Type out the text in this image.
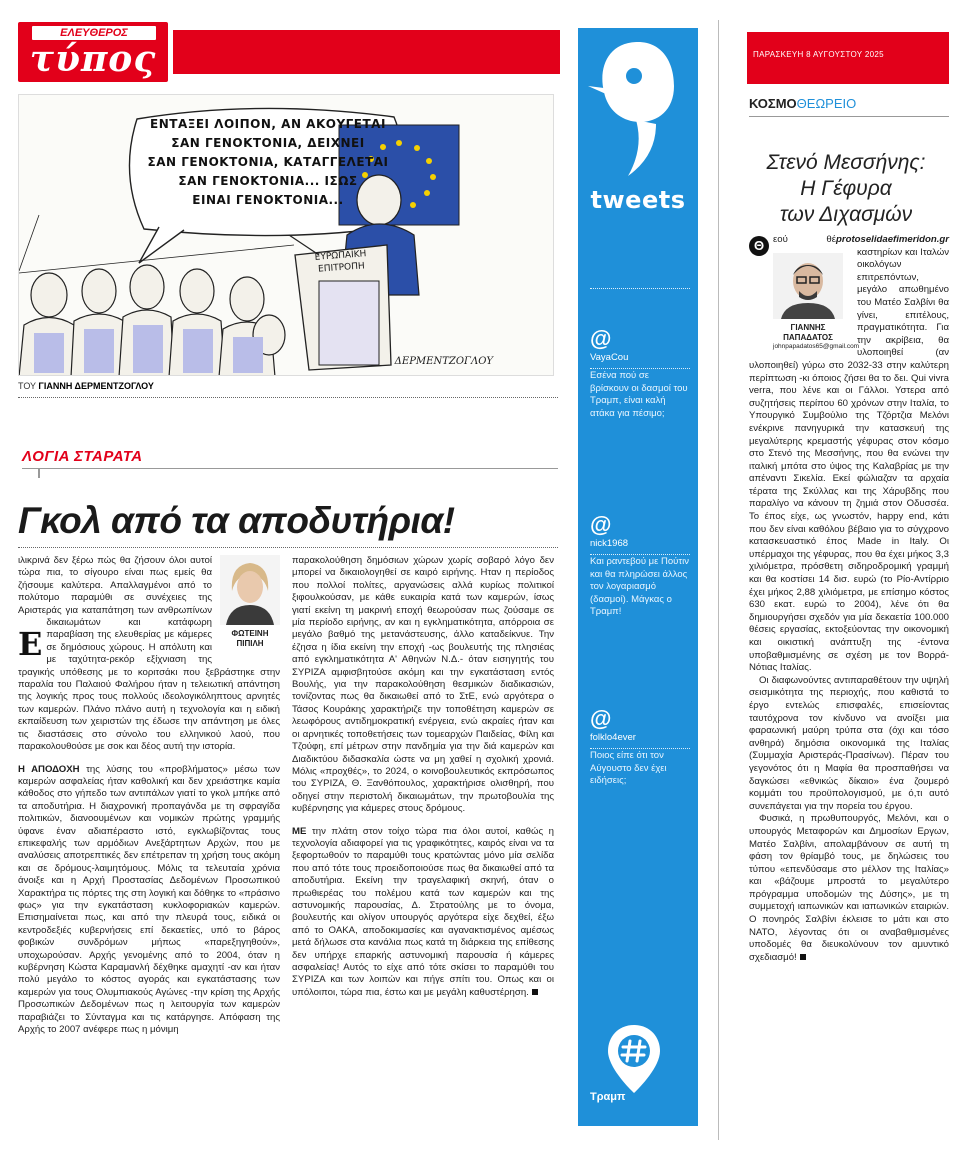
ΕΛΕΥΘΕΡΟΣ
τύπος
ΕΝΤΑΞΕΙ ΛΟΙΠΟΝ, ΑΝ ΑΚΟΥΓΕΤΑΙ
ΣΑΝ ΓΕΝΟΚΤΟΝΙΑ, ΔΕΙΧΝΕΙ
ΣΑΝ ΓΕΝΟΚΤΟΝΙΑ, ΚΑΤΑΓΓΕΛΕΤΑΙ
ΣΑΝ ΓΕΝΟΚΤΟΝΙΑ... ΙΣΩΣ
ΕΙΝΑΙ ΓΕΝΟΚΤΟΝΙΑ...
ΕΥΡΩΠΑΪΚΗ ΕΠΙΤΡΟΠΗ
ΔΕΡΜΕΝΤΖΟΓΛΟΥ
ΤΟΥ ΓΙΑΝΝΗ ΔΕΡΜΕΝΤΖΟΓΛΟΥ
ΛΟΓΙΑ ΣΤΑΡΑΤΑ
Γκολ από τα αποδυτήρια!
ΦΩΤΕΙΝΗ ΠΙΠΙΛΗ

Ε
ιλικρινά δεν ξέρω πώς θα ζήσουν όλοι αυτοί τώρα πια, το σίγουρο είναι πως εμείς θα ζήσουμε καλύτερα. Απαλλαγμένοι από το πολύτομο παραμύθι σε συνέχειες της Αριστεράς για καταπάτηση των ανθρωπίνων δικαιωμάτων και κατάφωρη παραβίαση της ελευθερίας με κάμερες σε δημόσιους χώρους. Η απόλυτη και με ταχύτητα-ρεκόρ εξίχνιαση της τραγικής υπόθεσης με το κοριτσάκι που ξεβράστηκε στην παραλία του Παλαιού Φαλήρου ήταν η τελειωτική απάντηση της λογικής προς τους πολλούς ιδεολογικόληπτους αρνητές των καμερών. Πλάνο πλάνο αυτή η τεχνολογία και η ειδική εκπαίδευση των χειριστών της έδωσε την απάντηση με όλες τις διαστάσεις στο σύνολο του ελληνικού λαού, που παρακολουθούσε με σοκ και δέος αυτή την ιστορία.

Η ΑΠΟΔΟΧΗ της λύσης του «προβλήματος» μέσω των καμερών ασφαλείας ήταν καθολική και δεν χρειάστηκε καμία κάθοδος στο γήπεδο των αντιπάλων γιατί το γκολ μπήκε από τα αποδυτήρια. Η διαχρονική προπαγάνδα με τη σφραγίδα πολιτικών, διανοουμένων και νομικών πρώτης γραμμής ύφανε έναν αδιαπέραστο ιστό, εγκλωβίζοντας τους επικεφαλής των αρμόδιων Ανεξάρτητων Αρχών, που με αναλύσεις αποτρεπτικές δεν επέτρεπαν τη χρήση τους ακόμη και σε δρόμους-λαιμητόμους. Μόλις τα τελευταία χρόνια άνοιξε και η Αρχή Προστασίας Δεδομένων Προσωπικού Χαρακτήρα τις πόρτες της στη λογική και δόθηκε το «πράσινο φως» για την εγκατάσταση κυκλοφοριακών καμερών. Επισημαίνεται πως, και από την πλευρά τους, ειδικά οι κεντροδεξιές κυβερνήσεις επί δεκαετίες, υπό το βάρος φοβικών συνδρόμων μήπως «παρεξηγηθούν», υποχωρούσαν. Αρχής γενομένης από το 2004, όταν η κυβέρνηση Κώστα Καραμανλή δέχθηκε αμαχητί -αν και ήταν πολύ μεγάλο το κόστος αγοράς και εγκατάστασης των καμερών για τους Ολυμπιακούς Αγώνες -την κρίση της Αρχής Προσωπικών Δεδομένων πως η λειτουργία των καμερών παραβιάζει το Σύνταγμα και τις κατάργησε. Απόφαση της Αρχής το 2007 ανέφερε πως η μόνιμη

παρακολούθηση δημόσιων χώρων χωρίς σοβαρό λόγο δεν μπορεί να δικαιολογηθεί σε καιρό ειρήνης. Ηταν η περίοδος που πολλοί πολίτες, αργανώσεις αλλά κυρίως πολιτικοί ξιφουλκούσαν, με κάθε ευκαιρία κατά των καμερών, ίσως γιατί εκείνη τη μακρινή εποχή θεωρούσαν πως ζούσαμε σε μία περίοδο ειρήνης, αν και η εγκληματικότητα, απόρροια σε μεγάλο βαθμό της μετανάστευσης, άλλο καταδείκνυε. Την έζησα η ίδια εκείνη την εποχή -ως βουλευτής της πλησιέας από εγκληματικότητα Α' Αθηνών Ν.Δ.- όταν εισηγητής του ΣΥΡΙΖΑ αμφισβητούσε ακόμη και την εγκατάσταση εντός Βουλής, για την παρακολούθηση θεσμικών διαδικασιών, τονίζοντας πως θα δικαιωθεί από το ΣτΕ, ενώ αργότερα ο Τάσος Κουράκης χαρακτήριζε την τοποθέτηση καμερών σε λεωφόρους αντιδημοκρατική ενέργεια, ενώ ακραίες ήταν και οι αρνητικές τοποθετήσεις των τομεαρχών Παιδείας, Φίλη και Τζούφη, επί μέτρων στην πανδημία για την διά καμερών και Διαδικτύου διδασκαλία ώστε να μη χαθεί η σχολική χρονιά. Μόλις «προχθές», το 2024, ο κοινοβουλευτικός εκπρόσωπος του ΣΥΡΙΖΑ, Θ. Ξανθόπουλος, χαρακτήρισε ολισθηρή, που οδηγεί στην περιστολή δικαιωμάτων, την πρωτοβουλία της κυβέρνησης για κάμερες στους δρόμους.

ΜΕ την πλάτη στον τοίχο τώρα πια όλοι αυτοί, καθώς η τεχνολογία αδιαφορεί για τις γραφικότητες, καιρός είναι να τα ξεφορτωθούν το παραμύθι τους κρατώντας μόνο μία σελίδα που από τότε τους προειδοποιούσε πως θα δικαιωθεί από τα αποδυτήρια. Εκείνη την τραγελαφική σκηνή, όταν ο πρωθιερέας του πολέμου κατά των καμερών και της αστυνομικής παρουσίας, Δ. Στρατούλης με το όνομα, βουλευτής και ολίγον υπουργός αργότερα είχε δεχθεί, έξω από το ΟΑΚΑ, αποδοκιμασίες και αγανακτισμένος αμέσως μετά δήλωσε στα κανάλια πως κατά τη διάρκεια της επίθεσης δεν υπήρχε επαρκής αστυνομική παρουσία ή κάμερες ασφαλείας! Αυτός το είχε από τότε σκίσει το παραμύθι του ΣΥΡΙΖΑ και των λοιπών και πήγε σπίτι του. Οπως και οι υπόλοιποι, τώρα πια, έστω και με μεγάλη καθυστέρηση.

tweets
@
VayaCou
Εσένα πού σε βρίσκουν οι δασμοί του Τραμπ, είναι καλή ατάκα για πέσιμο;
@
nick1968
Και ραντεβού με Πούτιν και θα πληρώσει άλλος τον λογαριασμό (δασμοί). Μάγκας ο Τραμπ!
@
folklo4ever
Ποιος είπε ότι τον Αύγουστο δεν έχει ειδήσεις;
Τραμπ
ΠΑΡΑΣΚΕΥΗ 8 ΑΥΓΟΥΣΤΟΥ 2025
ΚΟΣΜΟΘΕΩΡΕΙΟ
Στενό Μεσσήνης:
Η Γέφυρα
των Διχασμών

Θ εού θέprotoselidaefimeridon.gr
ΓΙΑΝΝΗΣ ΠΑΠΑΔΑΤΟΣ
johnpapadatos65@gmail.com
καστηρίων και Ιταλών οικολόγων επιτρεπόντων, μεγάλο απωθημένο του Ματέο Σαλβίνι θα γίνει, επιτέλους, πραγματικότητα. Για την ακρίβεια, θα υλοποιηθεί (αν υλοποιηθεί) γύρω στο 2032-33 στην καλύτερη περίπτωση -κι όποιος ζήσει θα το δει. Qui vivra verra, που λένε και οι Γάλλοι. Υστερα από συζητήσεις περίπου 60 χρόνων στην Ιταλία, το Υπουργικό Συμβούλιο της Τζόρτζια Μελόνι ενέκρινε πανηγυρικά την κατασκευή της μεγαλύτερης κρεμαστής γέφυρας στον κόσμο στο Στενό της Μεσσήνης, που θα ενώνει την ιταλική μπότα στο ύψος της Καλαβρίας με την απέναντι Σικελία. Εκεί φώλιαζαν τα αρχαία τέρατα της Σκύλλας και της Χάρυβδης που παραλίγο να κάνουν τη ζημιά στον Οδυσσέα. Το έπος είχε, ως γνωστόν, happy end, κάτι που δεν είναι καθόλου βέβαιο για το σύγχρονο κατασκευαστικό έπος Made in Italy. Οι υπέρμαχοι της γέφυρας, που θα έχει μήκος 3,3 χιλιόμετρα, πρόσθετη σιδηροδρομική γραμμή και θα κοστίσει 14 δισ. ευρώ (το Ρίο-Αντίρριο έχει μήκος 2,88 χιλιόμετρα, με επίσημο κόστος 630 εκατ. ευρώ το 2004), λένε ότι θα δημιουργήσει σχεδόν για μία δεκαετία 100.000 θέσεις εργασίας, εκτοξεύοντας την οικονομική και οικιστική ανάπτυξη της -έντονα υποβαθμισμένης σε σχέση με τον Βορρά- Νότιας Ιταλίας.

Οι διαφωνούντες αντιπαραθέτουν την υψηλή σεισμικότητα της περιοχής, που καθιστά το έργο εντελώς επισφαλές, επισείοντας ταυτόχρονα τον κίνδυνο να ανοίξει μια φαραωνική μαύρη τρύπα στα (όχι και τόσο ανθηρά) δημόσια οικονομικά της Ιταλίας (Συμμαχία Αριστεράς-Πρασίνων). Πέραν του γεγονότος ότι η Μαφία θα προσπαθήσει να δαγκώσει «εθνικώς δίκαιο» ένα ζουμερό κομμάτι του προϋπολογισμού, με ό,τι αυτό συνεπάγεται για την πορεία του έργου.

Φυσικά, η πρωθυπουργός, Μελόνι, και ο υπουργός Μεταφορών και Δημοσίων Εργων, Ματέο Σαλβίνι, απολαμβάνουν σε αυτή τη φάση τον θρίαμβό τους, με δηλώσεις του τύπου «επενδύσαμε στο μέλλον της Ιταλίας» και «βάζουμε μπροστά το μεγαλύτερο πρόγραμμα υποδομών της Δύσης», με τη συμμετοχή ιαπωνικών και ιαπωνικών εταιριών. Ο πονηρός Σαλβίνι έκλεισε το μάτι και στο ΝΑΤΟ, λέγοντας ότι οι αναβαθμισμένες υποδομές θα διευκολύνουν τον αμυντικό σχεδιασμό!
